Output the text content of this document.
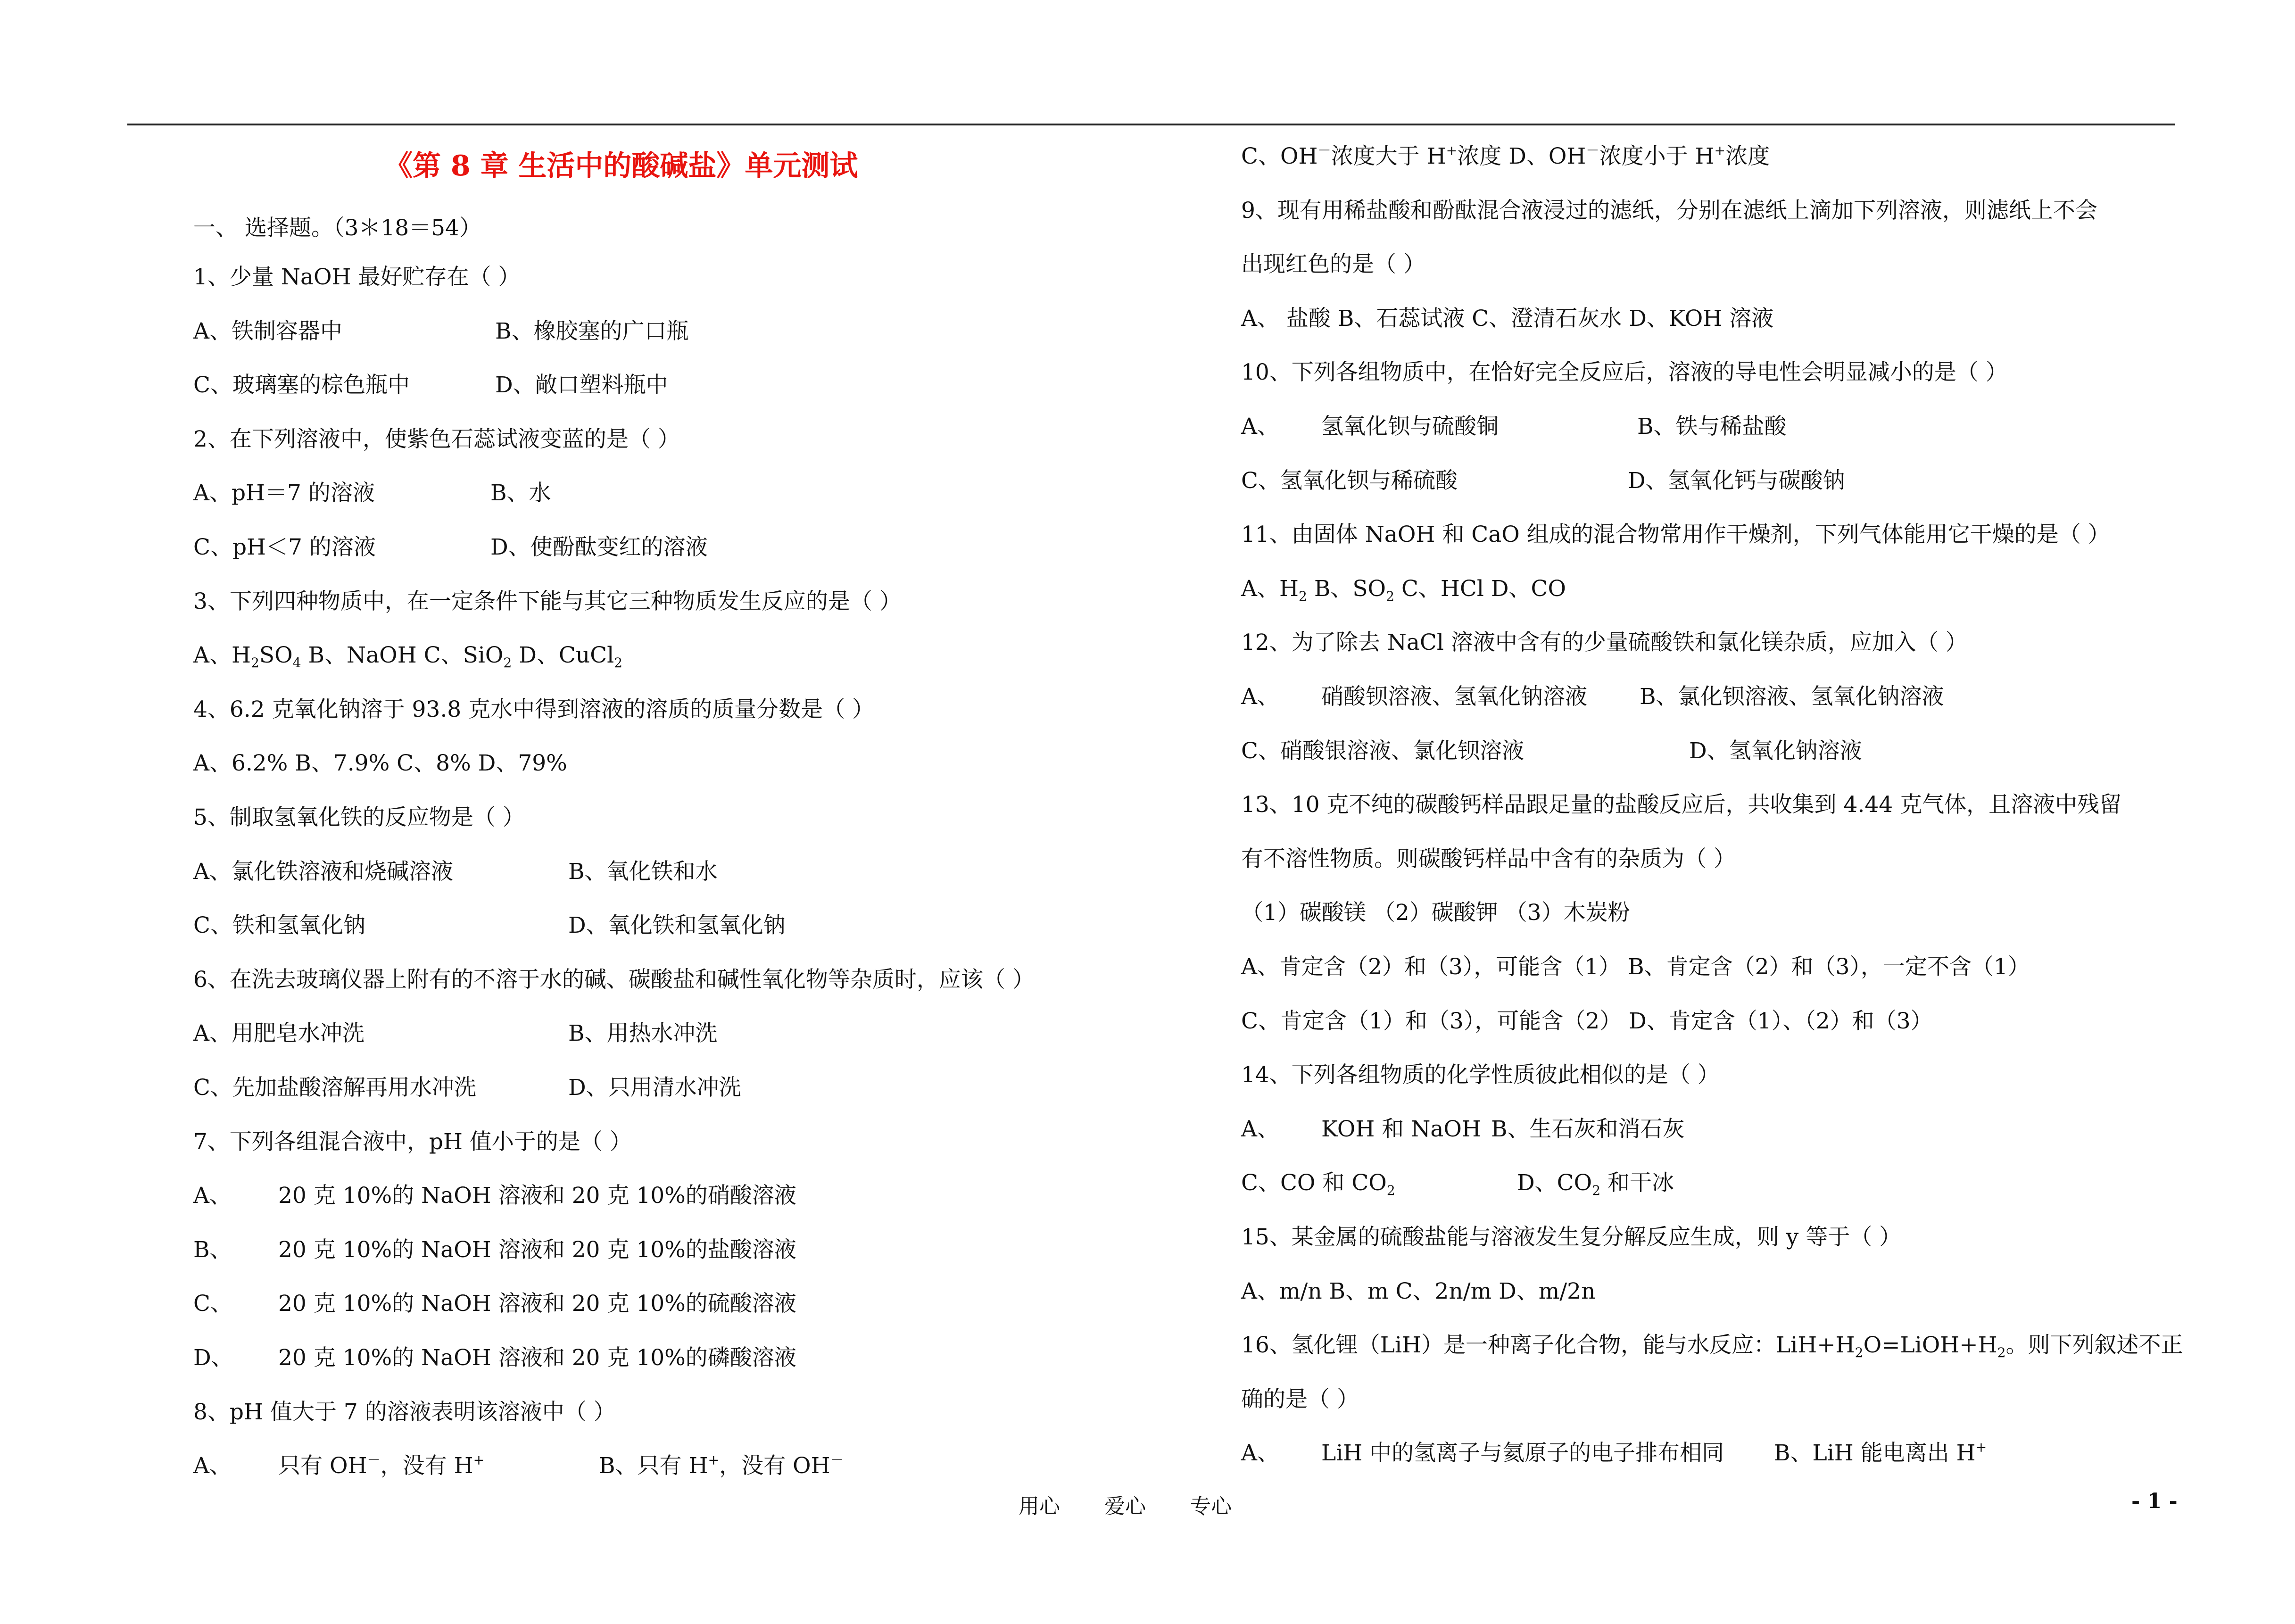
《第 8 章 生活中的酸碱盐》单元测试
一、 选择题。（3＊18＝54）
1、少量 NaOH 最好贮存在（ ）
A、铁制容器中	B、橡胶塞的广口瓶
C、玻璃塞的棕色瓶中	D、敞口塑料瓶中
2、在下列溶液中，使紫色石蕊试液变蓝的是（ ）
A、pH＝7 的溶液	B、水
C、pH＜7 的溶液	D、使酚酞变红的溶液
3、下列四种物质中，在一定条件下能与其它三种物质发生反应的是（ ）
A、$H_2SO_4$ B、NaOH C、SiO$_2$ D、CuCl$_2$
4、6.2 克氧化钠溶于 93.8 克水中得到溶液的溶质的质量分数是（ ）
A、6.2% B、7.9% C、8% D、79%
5、制取氢氧化铁的反应物是（ ）
A、氯化铁溶液和烧碱溶液	B、氧化铁和水
C、铁和氢氧化钠	D、氧化铁和氢氧化钠
6、在洗去玻璃仪器上附有的不溶于水的碱、碳酸盐和碱性氧化物等杂质时，应该（ ）
A、用肥皂水冲洗	B、用热水冲洗
C、先加盐酸溶解再用水冲洗	D、只用清水冲洗
7、下列各组混合液中，pH 值小于的是（ ）
A、 20 克 10%的 NaOH 溶液和 20 克 10%的硝酸溶液
B、 20 克 10%的 NaOH 溶液和 20 克 10%的盐酸溶液
C、 20 克 10%的 NaOH 溶液和 20 克 10%的硫酸溶液
D、 20 克 10%的 NaOH 溶液和 20 克 10%的磷酸溶液
8、pH 值大于 7 的溶液表明该溶液中（ ）
A、 只有 OH－，没有 H+	B、只有 H+，没有 OH－
C、OH－浓度大于 H+浓度 D、OH－浓度小于 H+浓度
9、现有用稀盐酸和酚酞混合液浸过的滤纸，分别在滤纸上滴加下列溶液，则滤纸上不会
出现红色的是（ ）
A、 盐酸 B、石蕊试液 C、澄清石灰水 D、KOH 溶液
10、下列各组物质中，在恰好完全反应后，溶液的导电性会明显减小的是（ ）
A、 氢氧化钡与硫酸铜	B、铁与稀盐酸
C、氢氧化钡与稀硫酸	D、氢氧化钙与碳酸钠
11、由固体 NaOH 和 CaO 组成的混合物常用作干燥剂，下列气体能用它干燥的是（ ）
A、$H_2$ B、$SO_2$ C、HCl D、CO
12、为了除去 NaCl 溶液中含有的少量硫酸铁和氯化镁杂质，应加入（ ）
A、 硝酸钡溶液、氢氧化钠溶液 B、氯化钡溶液、氢氧化钠溶液
C、硝酸银溶液、氯化钡溶液	D、氢氧化钠溶液
13、10 克不纯的碳酸钙样品跟足量的盐酸反应后，共收集到 4.44 克气体，且溶液中残留
有不溶性物质。则碳酸钙样品中含有的杂质为（ ）
（1）碳酸镁 （2）碳酸钾 （3）木炭粉
A、肯定含（2）和（3），可能含（1） B、肯定含（2）和（3），一定不含（1）
C、肯定含（1）和（3），可能含（2） D、肯定含（1）、（2）和（3）
14、下列各组物质的化学性质彼此相似的是（ ）
A、 KOH 和 NaOH B、生石灰和消石灰
C、CO 和 $CO_2$	D、$CO_2$ 和干冰
15、某金属的硫酸盐能与溶液发生复分解反应生成，则 y 等于（ ）
A、m/n B、m C、2n/m D、m/2n
16、氢化锂（LiH）是一种离子化合物，能与水反应：$LiH+H_2O=LiOH+H_2$。则下列叙述不正
确的是（ ）
A、 LiH 中的氢离子与氦原子的电子排布相同 B、LiH 能电离出 H+
用心 爱心 专心	- 1 -
